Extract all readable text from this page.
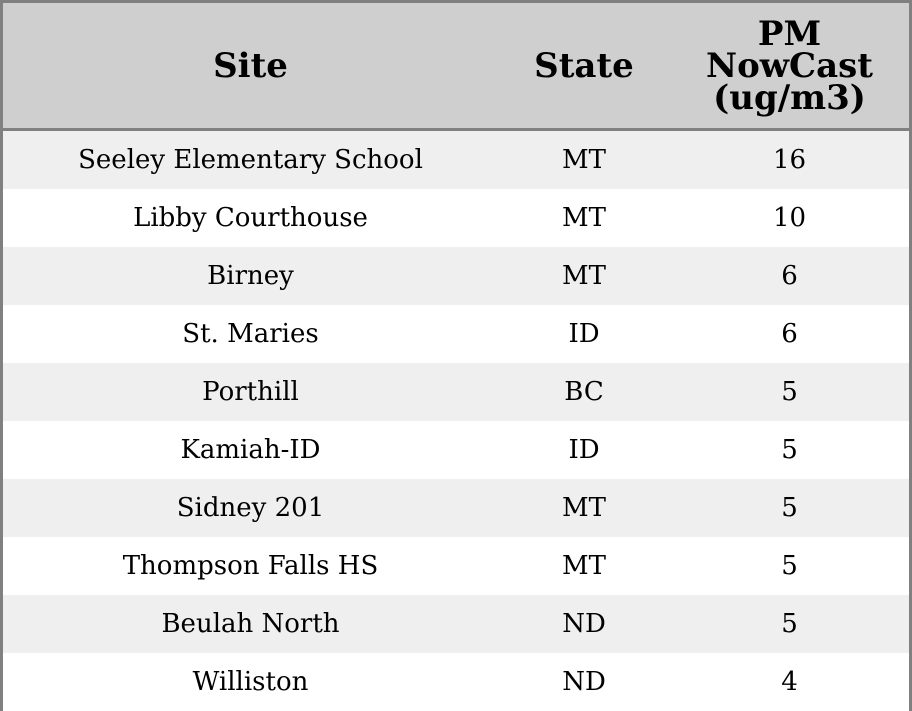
Site	State	PM
NowCast
(ug/m3)

Seeley Elementary School	MT	16
Libby Courthouse	MT	10
Birney	MT	6
St. Maries	ID	6
Porthill	BC	5
Kamiah-ID	ID	5
Sidney 201	MT	5
Thompson Falls HS	MT	5
Beulah North	ND	5
Williston	ND	4
